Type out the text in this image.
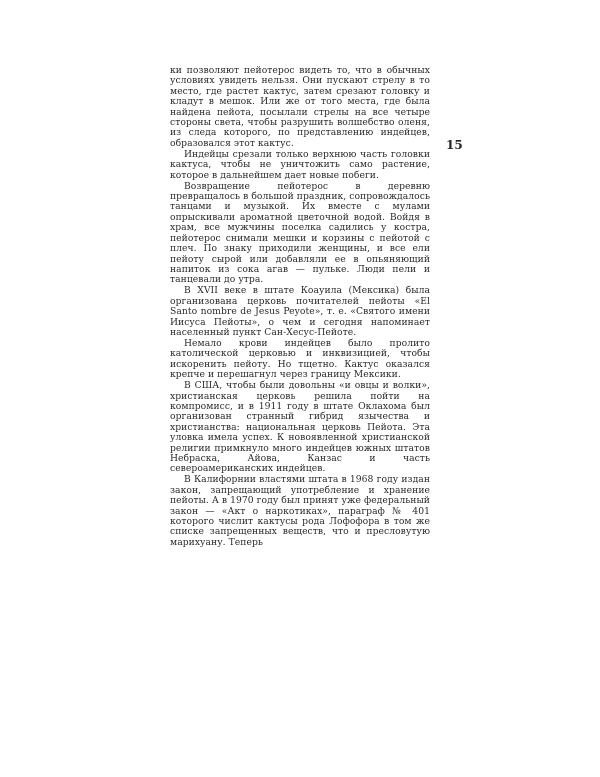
15

ки позволяют пейотерос видеть то, что в обычных условиях увидеть нельзя. Они пускают стрелу в то место, где растет кактус, затем срезают головку и кладут в мешок. Или же от того места, где была найдена пейота, посылали стрелы на все четыре стороны света, чтобы разрушить волшебство оленя, из следа которого, по представлению индейцев, образовался этот кактус.

Индейцы срезали только верхнюю часть головки кактуса, чтобы не уничтожить само растение, которое в дальнейшем дает новые побеги.

Возвращение пейотерос в деревню превращалось в большой праздник, сопровождалось танцами и музыкой. Их вместе с мулами опрыскивали ароматной цветочной водой. Войдя в храм, все мужчины поселка садились у костра, пейотерос снимали мешки и корзины с пейотой с плеч. По знаку приходили женщины, и все ели пейоту сырой или добавляли ее в опьяняющий напиток из сока агав — пульке. Люди пели и танцевали до утра.

В XVII веке в штате Коауила (Мексика) была организована церковь почитателей пейоты «El Santo nombre de Jesus Peyote», т. е. «Святого имени Иисуса Пейоты», о чем и сегодня напоминает населенный пункт Сан-Хесус-Пейоте.

Немало крови индейцев было пролито католической церковью и инквизицией, чтобы искоренить пейоту. Но тщетно. Кактус оказался крепче и перешагнул через границу Мексики.

В США, чтобы были довольны «и овцы и волки», христианская церковь решила пойти на компромисс, и в 1911 году в штате Оклахома был организован странный гибрид язычества и христианства: национальная церковь Пейота. Эта уловка имела успех. К новоявленной христианской религии примкнуло много индейцев южных штатов Небраска, Айова, Канзас и часть североамериканских индейцев.

В Калифорнии властями штата в 1968 году издан закон, запрещающий употребление и хранение пейоты. А в 1970 году был принят уже федеральный закон — «Акт о наркотиках», параграф № 401 которого числит кактусы рода Лофофора в том же списке запрещенных веществ, что и пресловутую марихуану. Теперь
